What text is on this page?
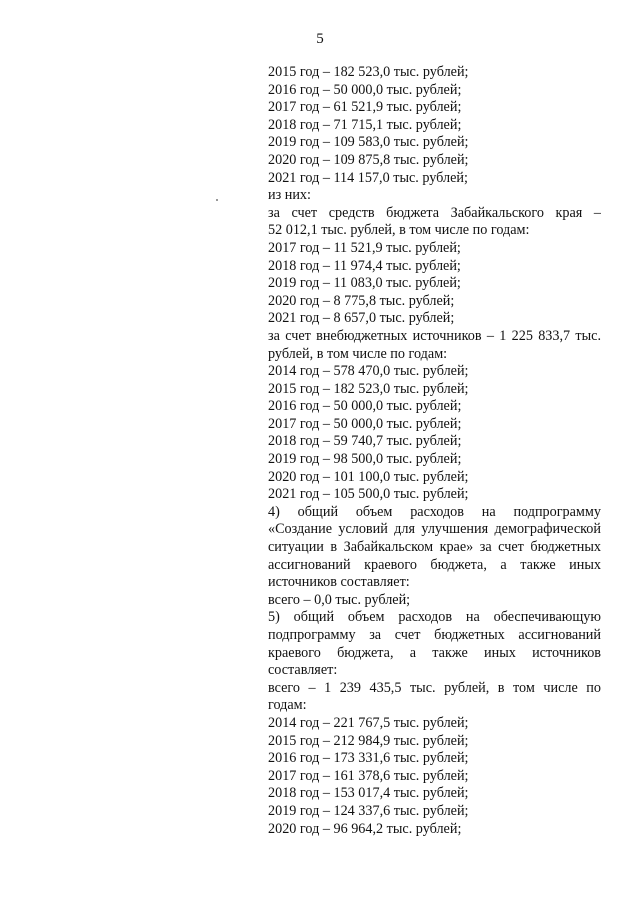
5
2015 год – 182 523,0 тыс. рублей;
2016 год – 50 000,0 тыс. рублей;
2017 год – 61 521,9 тыс. рублей;
2018 год – 71 715,1 тыс. рублей;
2019 год – 109 583,0 тыс. рублей;
2020 год – 109 875,8 тыс. рублей;
2021 год – 114 157,0 тыс. рублей;
из них:
за счет средств бюджета Забайкальского края –
52 012,1 тыс. рублей, в том числе по годам:
2017 год – 11 521,9 тыс. рублей;
2018 год – 11 974,4 тыс. рублей;
2019 год – 11 083,0 тыс. рублей;
2020 год – 8 775,8 тыс. рублей;
2021 год – 8 657,0 тыс. рублей;
за счет внебюджетных источников – 1 225 833,7 тыс.
рублей, в том числе по годам:
2014 год – 578 470,0 тыс. рублей;
2015 год – 182 523,0 тыс. рублей;
2016 год – 50 000,0 тыс. рублей;
2017 год – 50 000,0 тыс. рублей;
2018 год – 59 740,7 тыс. рублей;
2019 год – 98 500,0 тыс. рублей;
2020 год – 101 100,0 тыс. рублей;
2021 год – 105 500,0 тыс. рублей;
4) общий объем расходов на подпрограмму
«Создание условий для улучшения демографической
ситуации в Забайкальском крае» за счет бюджетных
ассигнований краевого бюджета, а также иных
источников составляет:
всего – 0,0 тыс. рублей;
5) общий объем расходов на обеспечивающую
подпрограмму за счет бюджетных ассигнований
краевого бюджета, а также иных источников
составляет:
всего – 1 239 435,5 тыс. рублей, в том числе по
годам:
2014 год – 221 767,5 тыс. рублей;
2015 год – 212 984,9 тыс. рублей;
2016 год – 173 331,6 тыс. рублей;
2017 год – 161 378,6 тыс. рублей;
2018 год – 153 017,4 тыс. рублей;
2019 год – 124 337,6 тыс. рублей;
2020 год – 96 964,2 тыс. рублей;
